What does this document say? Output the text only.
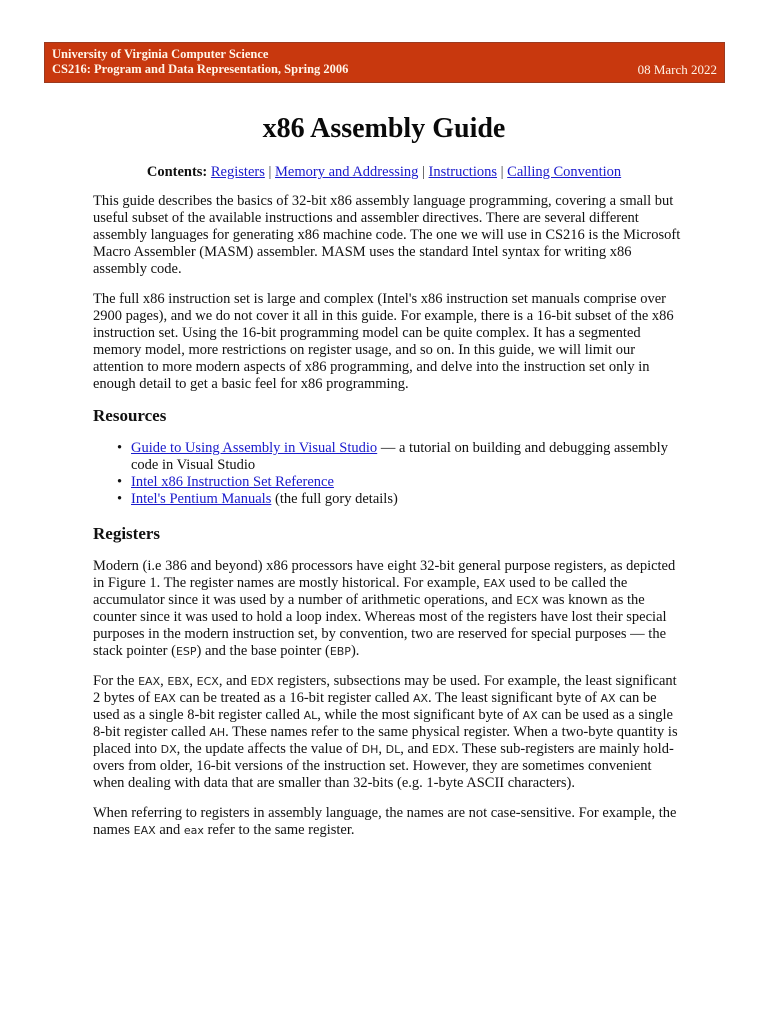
University of Virginia Computer Science
CS216: Program and Data Representation, Spring 2006	08 March 2022
x86 Assembly Guide
Contents: Registers | Memory and Addressing | Instructions | Calling Convention

This guide describes the basics of 32-bit x86 assembly language programming, covering a small but useful subset of the available instructions and assembler directives. There are several different assembly languages for generating x86 machine code. The one we will use in CS216 is the Microsoft Macro Assembler (MASM) assembler. MASM uses the standard Intel syntax for writing x86 assembly code.

The full x86 instruction set is large and complex (Intel's x86 instruction set manuals comprise over 2900 pages), and we do not cover it all in this guide. For example, there is a 16-bit subset of the x86 instruction set. Using the 16-bit programming model can be quite complex. It has a segmented memory model, more restrictions on register usage, and so on. In this guide, we will limit our attention to more modern aspects of x86 programming, and delve into the instruction set only in enough detail to get a basic feel for x86 programming.

Resources
• Guide to Using Assembly in Visual Studio — a tutorial on building and debugging assembly code in Visual Studio
• Intel x86 Instruction Set Reference
• Intel's Pentium Manuals (the full gory details)
Registers

Modern (i.e 386 and beyond) x86 processors have eight 32-bit general purpose registers, as depicted in Figure 1. The register names are mostly historical. For example, EAX used to be called the accumulator since it was used by a number of arithmetic operations, and ECX was known as the counter since it was used to hold a loop index. Whereas most of the registers have lost their special purposes in the modern instruction set, by convention, two are reserved for special purposes — the stack pointer (ESP) and the base pointer (EBP).

For the EAX, EBX, ECX, and EDX registers, subsections may be used. For example, the least significant 2 bytes of EAX can be treated as a 16-bit register called AX. The least significant byte of AX can be used as a single 8-bit register called AL, while the most significant byte of AX can be used as a single 8-bit register called AH. These names refer to the same physical register. When a two-byte quantity is placed into DX, the update affects the value of DH, DL, and EDX. These sub-registers are mainly hold-overs from older, 16-bit versions of the instruction set. However, they are sometimes convenient when dealing with data that are smaller than 32-bits (e.g. 1-byte ASCII characters).

When referring to registers in assembly language, the names are not case-sensitive. For example, the names EAX and eax refer to the same register.
